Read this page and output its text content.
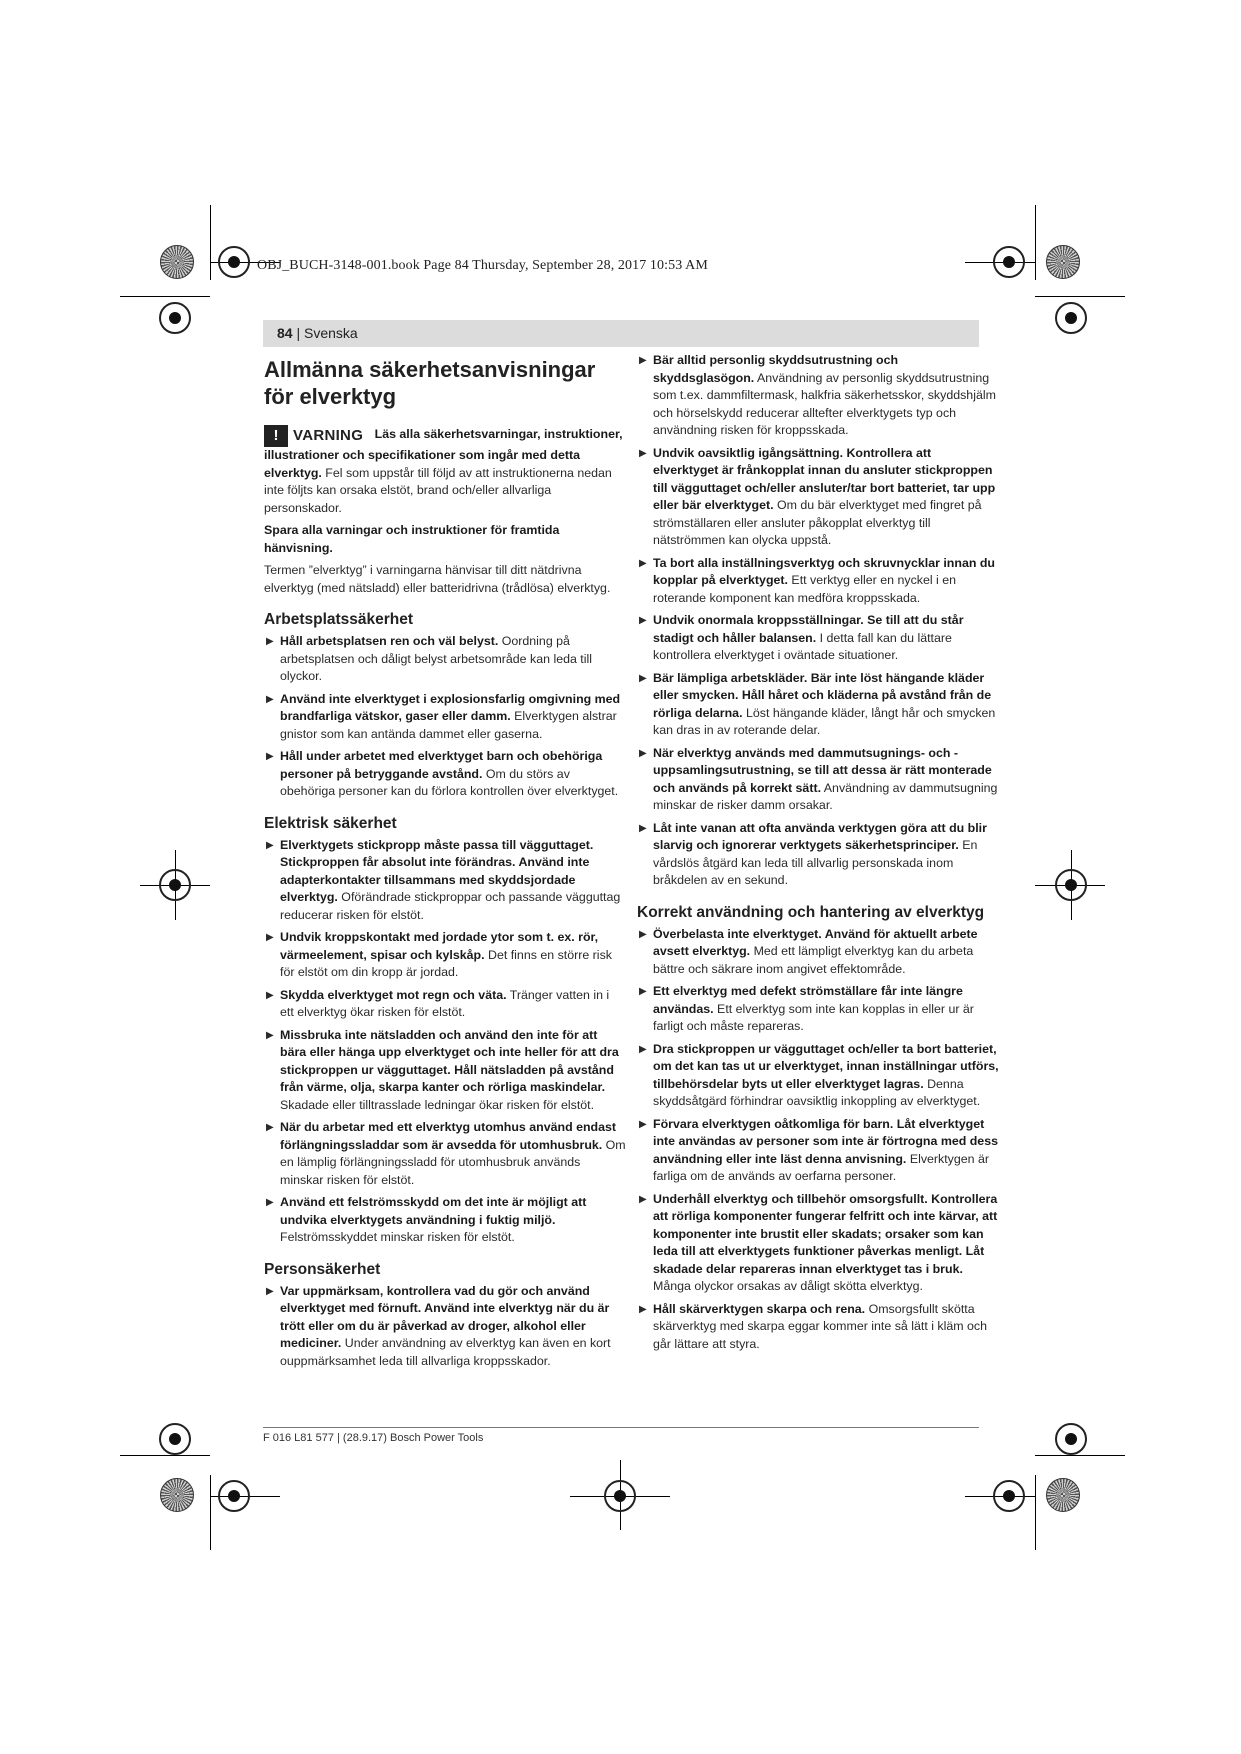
OBJ_BUCH-3148-001.book Page 84 Thursday, September 28, 2017 10:53 AM
84 | Svenska
Allmänna säkerhetsanvisningar för elverktyg

! VARNING Läs alla säkerhetsvarningar, instruktioner, illustrationer och specifikationer som ingår med detta elverktyg. Fel som uppstår till följd av att instruktionerna nedan inte följts kan orsaka elstöt, brand och/eller allvarliga personskador.

Spara alla varningar och instruktioner för framtida hänvisning.

Termen ”elverktyg” i varningarna hänvisar till ditt nätdrivna elverktyg (med nätsladd) eller batteridrivna (trådlösa) elverktyg.

Arbetsplatssäkerhet
▶ Håll arbetsplatsen ren och väl belyst. Oordning på arbetsplatsen och dåligt belyst arbetsområde kan leda till olyckor.
▶ Använd inte elverktyget i explosionsfarlig omgivning med brandfarliga vätskor, gaser eller damm. Elverktygen alstrar gnistor som kan antända dammet eller gaserna.
▶ Håll under arbetet med elverktyget barn och obehöriga personer på betryggande avstånd. Om du störs av obehöriga personer kan du förlora kontrollen över elverktyget.
Elektrisk säkerhet
▶ Elverktygets stickpropp måste passa till vägguttaget. Stickproppen får absolut inte förändras. Använd inte adapterkontakter tillsammans med skyddsjordade elverktyg. Oförändrade stickproppar och passande vägguttag reducerar risken för elstöt.
▶ Undvik kroppskontakt med jordade ytor som t. ex. rör, värmeelement, spisar och kylskåp. Det finns en större risk för elstöt om din kropp är jordad.
▶ Skydda elverktyget mot regn och väta. Tränger vatten in i ett elverktyg ökar risken för elstöt.
▶ Missbruka inte nätsladden och använd den inte för att bära eller hänga upp elverktyget och inte heller för att dra stickproppen ur vägguttaget. Håll nätsladden på avstånd från värme, olja, skarpa kanter och rörliga maskindelar. Skadade eller tilltrasslade ledningar ökar risken för elstöt.
▶ När du arbetar med ett elverktyg utomhus använd endast förlängningssladdar som är avsedda för utomhusbruk. Om en lämplig förlängningssladd för utomhusbruk används minskar risken för elstöt.
▶ Använd ett felströmsskydd om det inte är möjligt att undvika elverktygets användning i fuktig miljö. Felströmsskyddet minskar risken för elstöt.
Personsäkerhet
▶ Var uppmärksam, kontrollera vad du gör och använd elverktyget med förnuft. Använd inte elverktyg när du är trött eller om du är påverkad av droger, alkohol eller mediciner. Under användning av elverktyg kan även en kort ouppmärksamhet leda till allvarliga kroppsskador.
▶ Bär alltid personlig skyddsutrustning och skyddsglasögon. Användning av personlig skyddsutrustning som t.ex. dammfiltermask, halkfria säkerhetsskor, skyddshjälm och hörselskydd reducerar alltefter elverktygets typ och användning risken för kroppsskada.
▶ Undvik oavsiktlig igångsättning. Kontrollera att elverktyget är frånkopplat innan du ansluter stickproppen till vägguttaget och/eller ansluter/tar bort batteriet, tar upp eller bär elverktyget. Om du bär elverktyget med fingret på strömställaren eller ansluter påkopplat elverktyg till nätströmmen kan olycka uppstå.
▶ Ta bort alla inställningsverktyg och skruvnycklar innan du kopplar på elverktyget. Ett verktyg eller en nyckel i en roterande komponent kan medföra kroppsskada.
▶ Undvik onormala kroppsställningar. Se till att du står stadigt och håller balansen. I detta fall kan du lättare kontrollera elverktyget i oväntade situationer.
▶ Bär lämpliga arbetskläder. Bär inte löst hängande kläder eller smycken. Håll håret och kläderna på avstånd från de rörliga delarna. Löst hängande kläder, långt hår och smycken kan dras in av roterande delar.
▶ När elverktyg används med dammutsugnings- och -uppsamlingsutrustning, se till att dessa är rätt monterade och används på korrekt sätt. Användning av dammutsugning minskar de risker damm orsakar.
▶ Låt inte vanan att ofta använda verktygen göra att du blir slarvig och ignorerar verktygets säkerhetsprinciper. En vårdslös åtgärd kan leda till allvarlig personskada inom bråkdelen av en sekund.
Korrekt användning och hantering av elverktyg
▶ Överbelasta inte elverktyget. Använd för aktuellt arbete avsett elverktyg. Med ett lämpligt elverktyg kan du arbeta bättre och säkrare inom angivet effektområde.
▶ Ett elverktyg med defekt strömställare får inte längre användas. Ett elverktyg som inte kan kopplas in eller ur är farligt och måste repareras.
▶ Dra stickproppen ur vägguttaget och/eller ta bort batteriet, om det kan tas ut ur elverktyget, innan inställningar utförs, tillbehörsdelar byts ut eller elverktyget lagras. Denna skyddsåtgärd förhindrar oavsiktlig inkoppling av elverktyget.
▶ Förvara elverktygen oåtkomliga för barn. Låt elverktyget inte användas av personer som inte är förtrogna med dess användning eller inte läst denna anvisning. Elverktygen är farliga om de används av oerfarna personer.
▶ Underhåll elverktyg och tillbehör omsorgsfullt. Kontrollera att rörliga komponenter fungerar felfritt och inte kärvar, att komponenter inte brustit eller skadats; orsaker som kan leda till att elverktygets funktioner påverkas menligt. Låt skadade delar repareras innan elverktyget tas i bruk. Många olyckor orsakas av dåligt skötta elverktyg.
▶ Håll skärverktygen skarpa och rena. Omsorgsfullt skötta skärverktyg med skarpa eggar kommer inte så lätt i kläm och går lättare att styra.
F 016 L81 577 | (28.9.17) Bosch Power Tools
